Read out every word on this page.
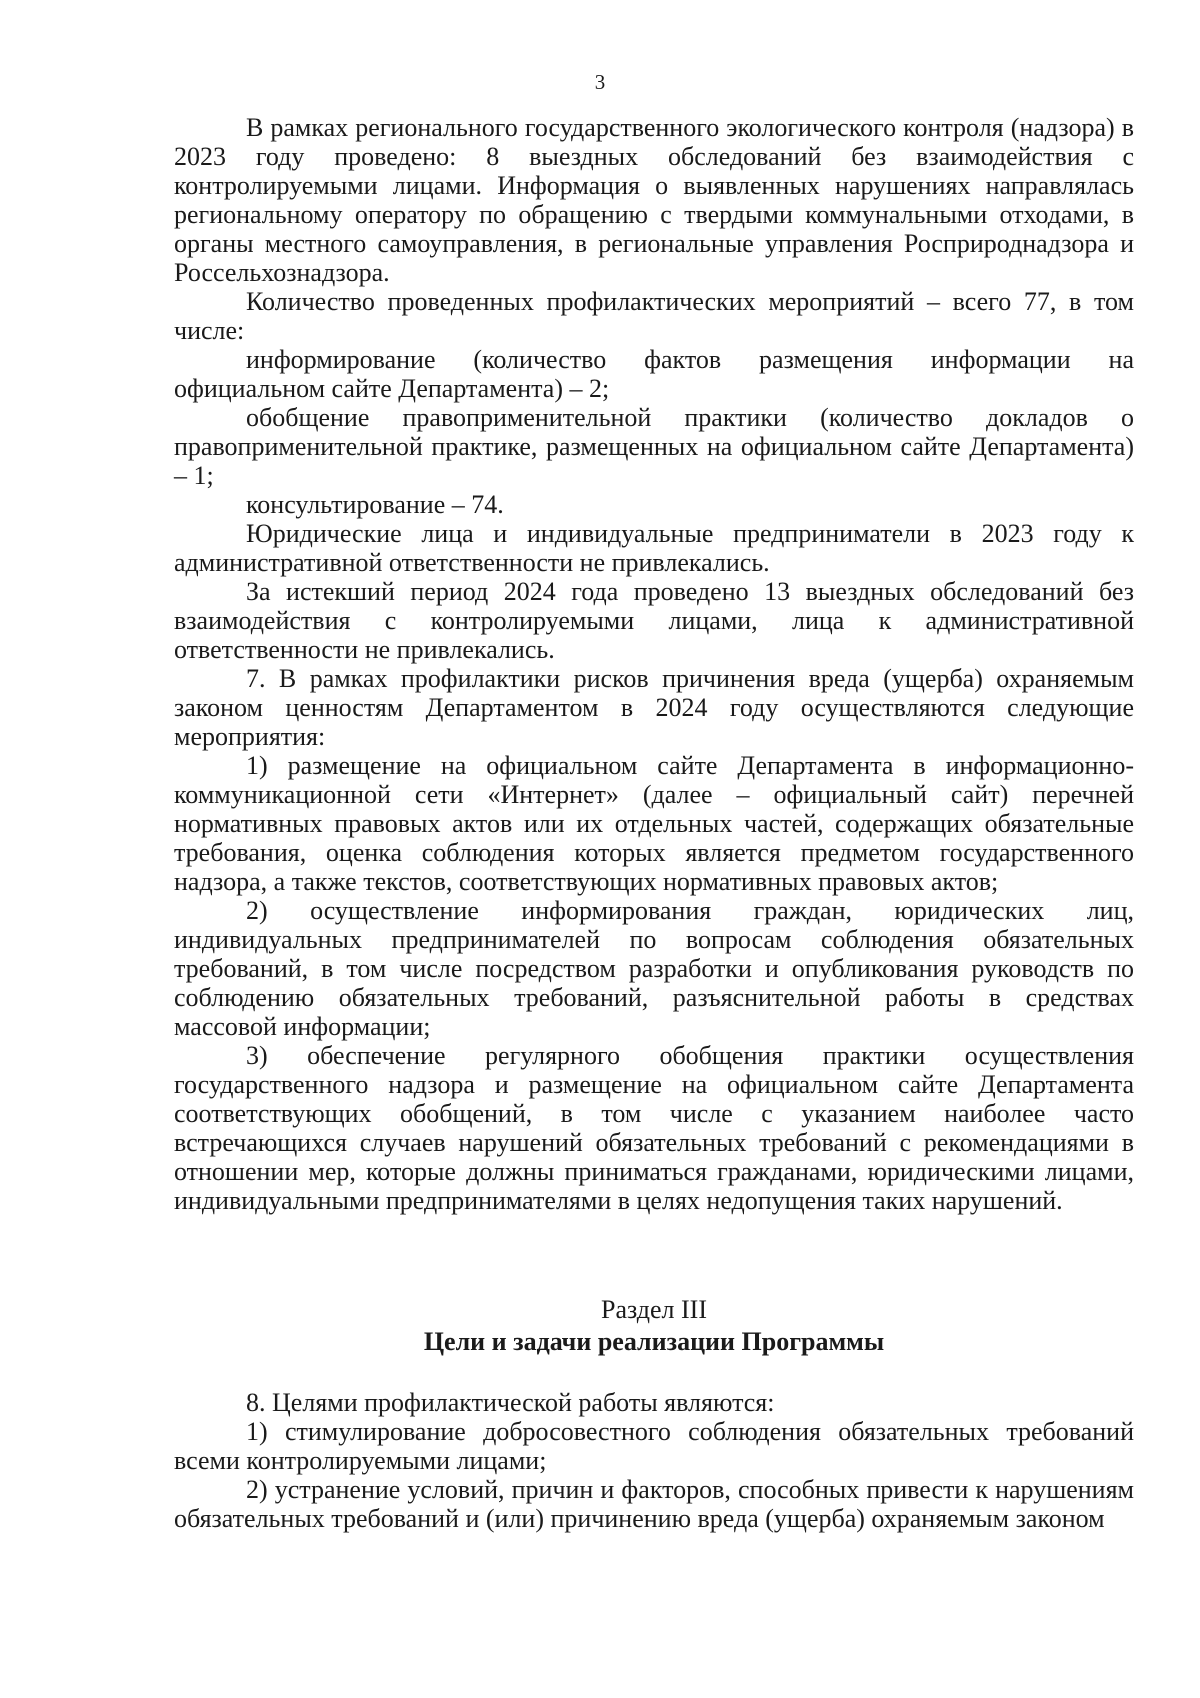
3

В рамках регионального государственного экологического контроля (надзора) в 2023 году проведено: 8 выездных обследований без взаимодействия с контролируемыми лицами. Информация о выявленных нарушениях направлялась региональному оператору по обращению с твердыми коммунальными отходами, в органы местного самоуправления, в региональные управления Росприроднадзора и Россельхознадзора.

Количество проведенных профилактических мероприятий – всего 77, в том числе:

информирование (количество фактов размещения информации на официальном сайте Департамента) – 2;

обобщение правоприменительной практики (количество докладов о правоприменительной практике, размещенных на официальном сайте Департамента) – 1;

консультирование – 74.

Юридические лица и индивидуальные предприниматели в 2023 году к административной ответственности не привлекались.

За истекший период 2024 года проведено 13 выездных обследований без взаимодействия с контролируемыми лицами, лица к административной ответственности не привлекались.

7. В рамках профилактики рисков причинения вреда (ущерба) охраняемым законом ценностям Департаментом в 2024 году осуществляются следующие мероприятия:

1) размещение на официальном сайте Департамента в информационно-коммуникационной сети «Интернет» (далее – официальный сайт) перечней нормативных правовых актов или их отдельных частей, содержащих обязательные требования, оценка соблюдения которых является предметом государственного надзора, а также текстов, соответствующих нормативных правовых актов;

2) осуществление информирования граждан, юридических лиц, индивидуальных предпринимателей по вопросам соблюдения обязательных требований, в том числе посредством разработки и опубликования руководств по соблюдению обязательных требований, разъяснительной работы в средствах массовой информации;

3) обеспечение регулярного обобщения практики осуществления государственного надзора и размещение на официальном сайте Департамента соответствующих обобщений, в том числе с указанием наиболее часто встречающихся случаев нарушений обязательных требований с рекомендациями в отношении мер, которые должны приниматься гражданами, юридическими лицами, индивидуальными предпринимателями в целях недопущения таких нарушений.

Раздел III
Цели и задачи реализации Программы

8. Целями профилактической работы являются:

1) стимулирование добросовестного соблюдения обязательных требований всеми контролируемыми лицами;

2) устранение условий, причин и факторов, способных привести к нарушениям обязательных требований и (или) причинению вреда (ущерба) охраняемым законом
